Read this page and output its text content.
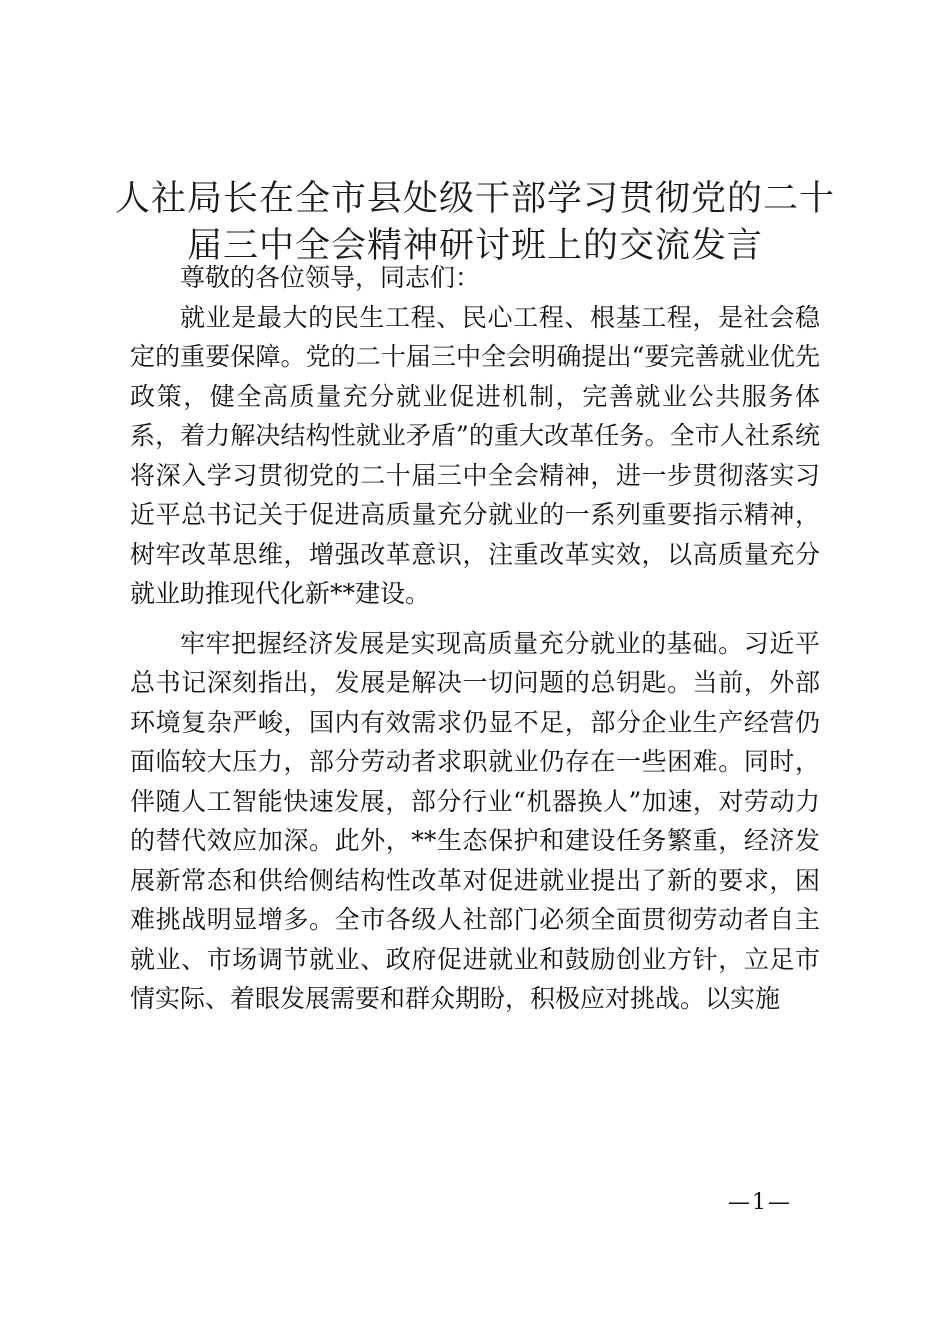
人社局长在全市县处级干部学习贯彻党的二十
届三中全会精神研讨班上的交流发言

尊敬的各位领导，同志们：

就业是最大的民生工程、民心工程、根基工程，是社会稳定的重要保障。党的二十届三中全会明确提出“要完善就业优先政策，健全高质量充分就业促进机制，完善就业公共服务体系，着力解决结构性就业矛盾”的重大改革任务。全市人社系统将深入学习贯彻党的二十届三中全会精神，进一步贯彻落实习近平总书记关于促进高质量充分就业的一系列重要指示精神，树牢改革思维，增强改革意识，注重改革实效，以高质量充分就业助推现代化新**建设。

牢牢把握经济发展是实现高质量充分就业的基础。习近平总书记深刻指出，发展是解决一切问题的总钥匙。当前，外部环境复杂严峻，国内有效需求仍显不足，部分企业生产经营仍面临较大压力，部分劳动者求职就业仍存在一些困难。同时，伴随人工智能快速发展，部分行业“机器换人”加速，对劳动力的替代效应加深。此外，**生态保护和建设任务繁重，经济发展新常态和供给侧结构性改革对促进就业提出了新的要求，困难挑战明显增多。全市各级人社部门必须全面贯彻劳动者自主就业、市场调节就业、政府促进就业和鼓励创业方针，立足市情实际、着眼发展需要和群众期盼，积极应对挑战。以实施

—1—
